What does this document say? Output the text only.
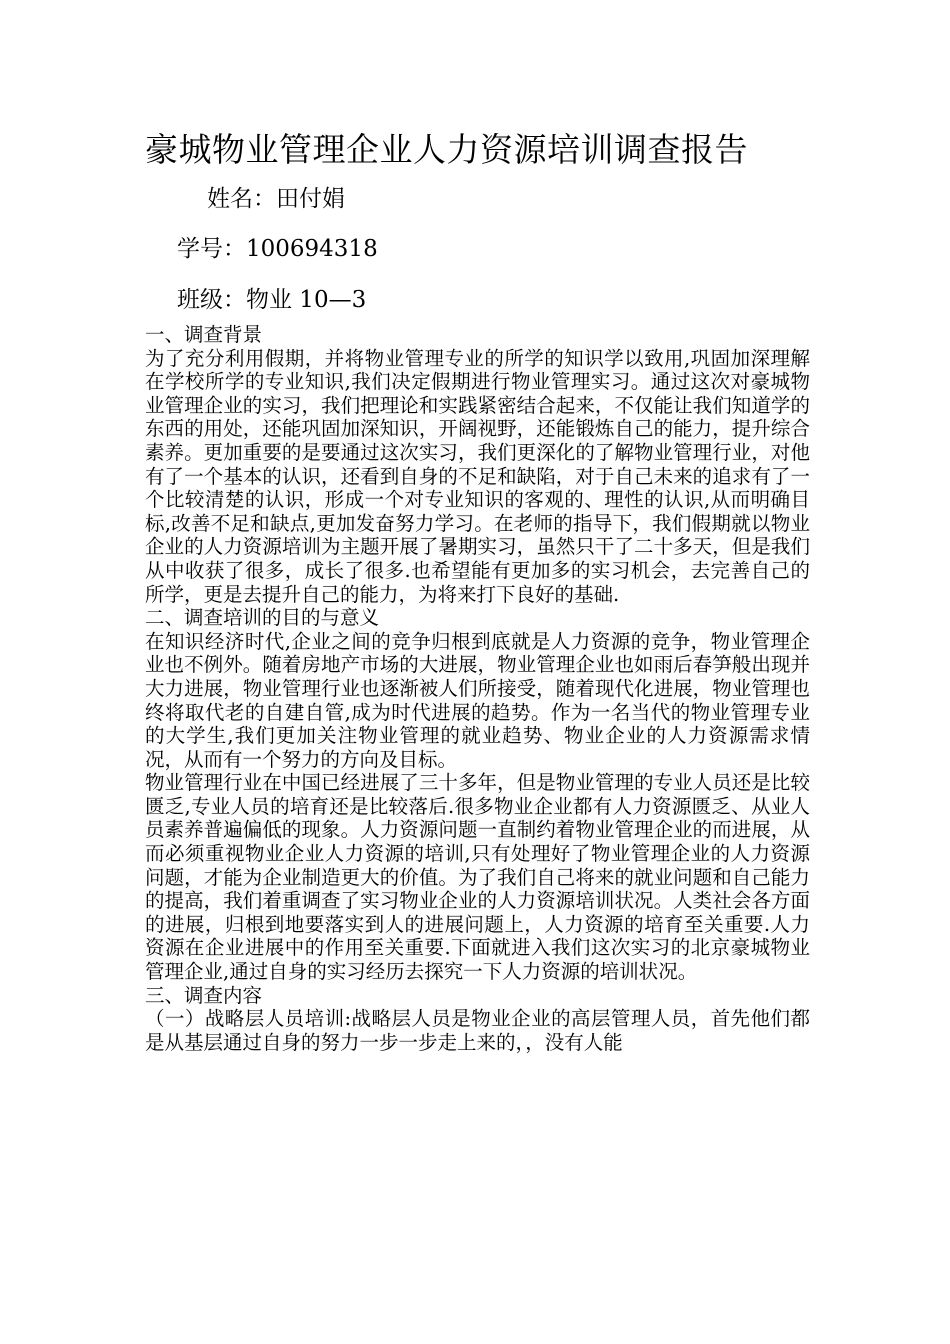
豪城物业管理企业人力资源培训调查报告
姓名：田付娟
学号：100694318
班级：物业 10—3

一、调查背景

为了充分利用假期，并将物业管理专业的所学的知识学以致用,巩固加深理解在学校所学的专业知识,我们决定假期进行物业管理实习。通过这次对豪城物业管理企业的实习，我们把理论和实践紧密结合起来，不仅能让我们知道学的东西的用处，还能巩固加深知识，开阔视野，还能锻炼自己的能力，提升综合素养。更加重要的是要通过这次实习，我们更深化的了解物业管理行业，对他有了一个基本的认识，还看到自身的不足和缺陷，对于自己未来的追求有了一个比较清楚的认识，形成一个对专业知识的客观的、理性的认识,从而明确目标,改善不足和缺点,更加发奋努力学习。在老师的指导下，我们假期就以物业企业的人力资源培训为主题开展了暑期实习，虽然只干了二十多天，但是我们从中收获了很多，成长了很多.也希望能有更加多的实习机会，去完善自己的所学，更是去提升自己的能力，为将来打下良好的基础.

二、调查培训的目的与意义

在知识经济时代,企业之间的竞争归根到底就是人力资源的竞争，物业管理企业也不例外。随着房地产市场的大进展，物业管理企业也如雨后春笋般出现并大力进展，物业管理行业也逐渐被人们所接受，随着现代化进展，物业管理也终将取代老的自建自管,成为时代进展的趋势。作为一名当代的物业管理专业的大学生,我们更加关注物业管理的就业趋势、物业企业的人力资源需求情况，从而有一个努力的方向及目标。

物业管理行业在中国已经进展了三十多年，但是物业管理的专业人员还是比较匮乏,专业人员的培育还是比较落后.很多物业企业都有人力资源匮乏、从业人员素养普遍偏低的现象。人力资源问题一直制约着物业管理企业的而进展，从而必须重视物业企业人力资源的培训,只有处理好了物业管理企业的人力资源问题，才能为企业制造更大的价值。为了我们自己将来的就业问题和自己能力的提高，我们着重调查了实习物业企业的人力资源培训状况。人类社会各方面的进展，归根到地要落实到人的进展问题上，人力资源的培育至关重要.人力资源在企业进展中的作用至关重要.下面就进入我们这次实习的北京豪城物业管理企业,通过自身的实习经历去探究一下人力资源的培训状况。

三、调查内容

（一）战略层人员培训:战略层人员是物业企业的高层管理人员，首先他们都是从基层通过自身的努力一步一步走上来的，，没有人能
